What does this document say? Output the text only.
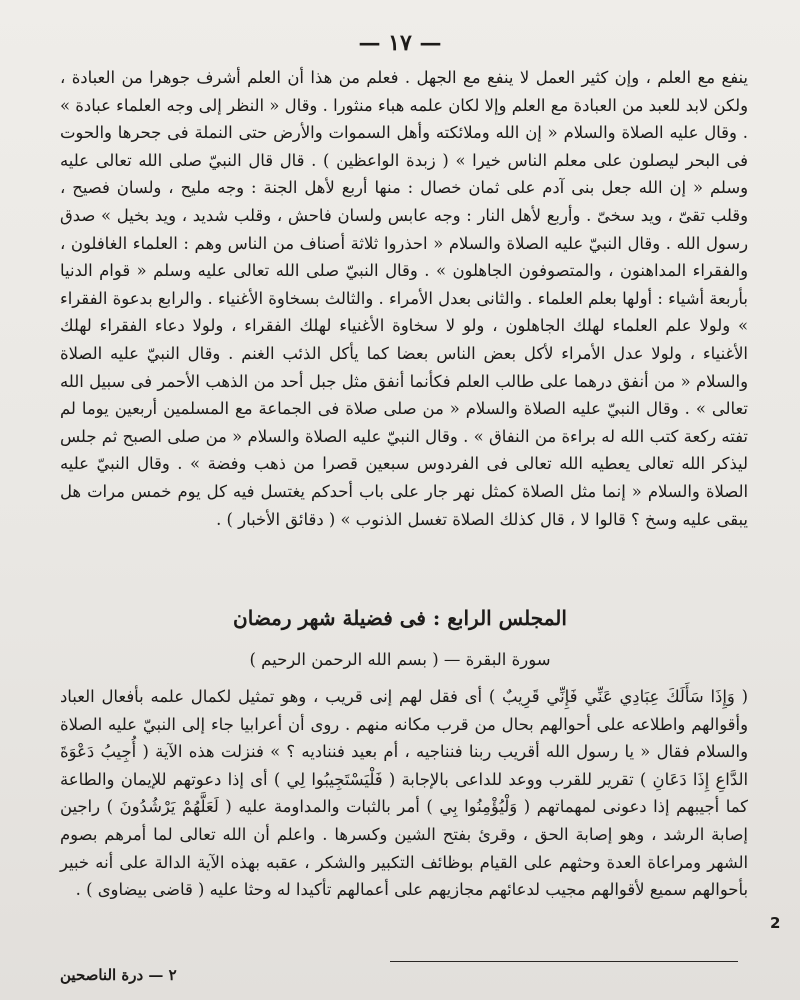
— ١٧ —

ينفع مع العلم ، وإن كثير العمل لا ينفع مع الجهل . فعلم من هذا أن العلم أشرف جوهرا من العبادة ، ولكن لابد للعبد من العبادة مع العلم وإلا لكان علمه هباء منثورا . وقال « النظر إلى وجه العلماء عبادة » . وقال عليه الصلاة والسلام « إن الله وملائكته وأهل السموات والأرض حتى النملة فى جحرها والحوت فى البحر ليصلون على معلم الناس خيرا » ( زبدة الواعظين ) . قال قال النبيّ صلى الله تعالى عليه وسلم « إن الله جعل بنى آدم على ثمان خصال : منها أربع لأهل الجنة : وجه مليح ، ولسان فصيح ، وقلب تقىّ ، ويد سخىّ . وأربع لأهل النار : وجه عابس ولسان فاحش ، وقلب شديد ، ويد بخيل » صدق رسول الله . وقال النبيّ عليه الصلاة والسلام « احذروا ثلاثة أصناف من الناس وهم : العلماء الغافلون ، والفقراء المداهنون ، والمتصوفون الجاهلون » . وقال النبيّ صلى الله تعالى عليه وسلم « قوام الدنيا بأربعة أشياء : أولها بعلم العلماء . والثانى بعدل الأمراء . والثالث بسخاوة الأغنياء . والرابع بدعوة الفقراء » ولولا علم العلماء لهلك الجاهلون ، ولو لا سخاوة الأغنياء لهلك الفقراء ، ولولا دعاء الفقراء لهلك الأغنياء ، ولولا عدل الأمراء لأكل بعض الناس بعضا كما يأكل الذئب الغنم . وقال النبيّ عليه الصلاة والسلام « من أنفق درهما على طالب العلم فكأنما أنفق مثل جبل أحد من الذهب الأحمر فى سبيل الله تعالى » . وقال النبيّ عليه الصلاة والسلام « من صلى صلاة فى الجماعة مع المسلمين أربعين يوما لم تفته ركعة كتب الله له براءة من النفاق » . وقال النبيّ عليه الصلاة والسلام « من صلى الصبح ثم جلس ليذكر الله تعالى يعطيه الله تعالى فى الفردوس سبعين قصرا من ذهب وفضة » . وقال النبيّ عليه الصلاة والسلام « إنما مثل الصلاة كمثل نهر جار على باب أحدكم يغتسل فيه كل يوم خمس مرات هل يبقى عليه وسخ ؟ قالوا لا ، قال كذلك الصلاة تغسل الذنوب » ( دقائق الأخبار ) .

المجلس الرابع : فى فضيلة شهر رمضان
سورة البقرة — ( بسم الله الرحمن الرحيم )

( وَإِذَا سَأَلَكَ عِبَادِي عَنِّي فَإِنِّي قَرِيبٌ ) أى فقل لهم إنى قريب ، وهو تمثيل لكمال علمه بأفعال العباد وأقوالهم واطلاعه على أحوالهم بحال من قرب مكانه منهم . روى أن أعرابيا جاء إلى النبيّ عليه الصلاة والسلام فقال « يا رسول الله أقريب ربنا فنناجيه ، أم بعيد فنناديه ؟ » فنزلت هذه الآية ( أُجِيبُ دَعْوَةَ الدَّاعِ إِذَا دَعَانِ ) تقرير للقرب ووعد للداعى بالإجابة ( فَلْيَسْتَجِيبُوا لِي ) أى إذا دعوتهم للإيمان والطاعة كما أجيبهم إذا دعونى لمهماتهم ( وَلْيُؤْمِنُوا بِي ) أمر بالثبات والمداومة عليه ( لَعَلَّهُمْ يَرْشُدُونَ ) راجين إصابة الرشد ، وهو إصابة الحق ، وقرئ بفتح الشين وكسرها . واعلم أن الله تعالى لما أمرهم بصوم الشهر ومراعاة العدة وحثهم على القيام بوظائف التكبير والشكر ، عقبه بهذه الآية الدالة على أنه خبير بأحوالهم سميع لأقوالهم مجيب لدعائهم مجازيهم على أعمالهم تأكيدا له وحثا عليه ( قاضى بيضاوى ) .

2
٢ — درة الناصحين
